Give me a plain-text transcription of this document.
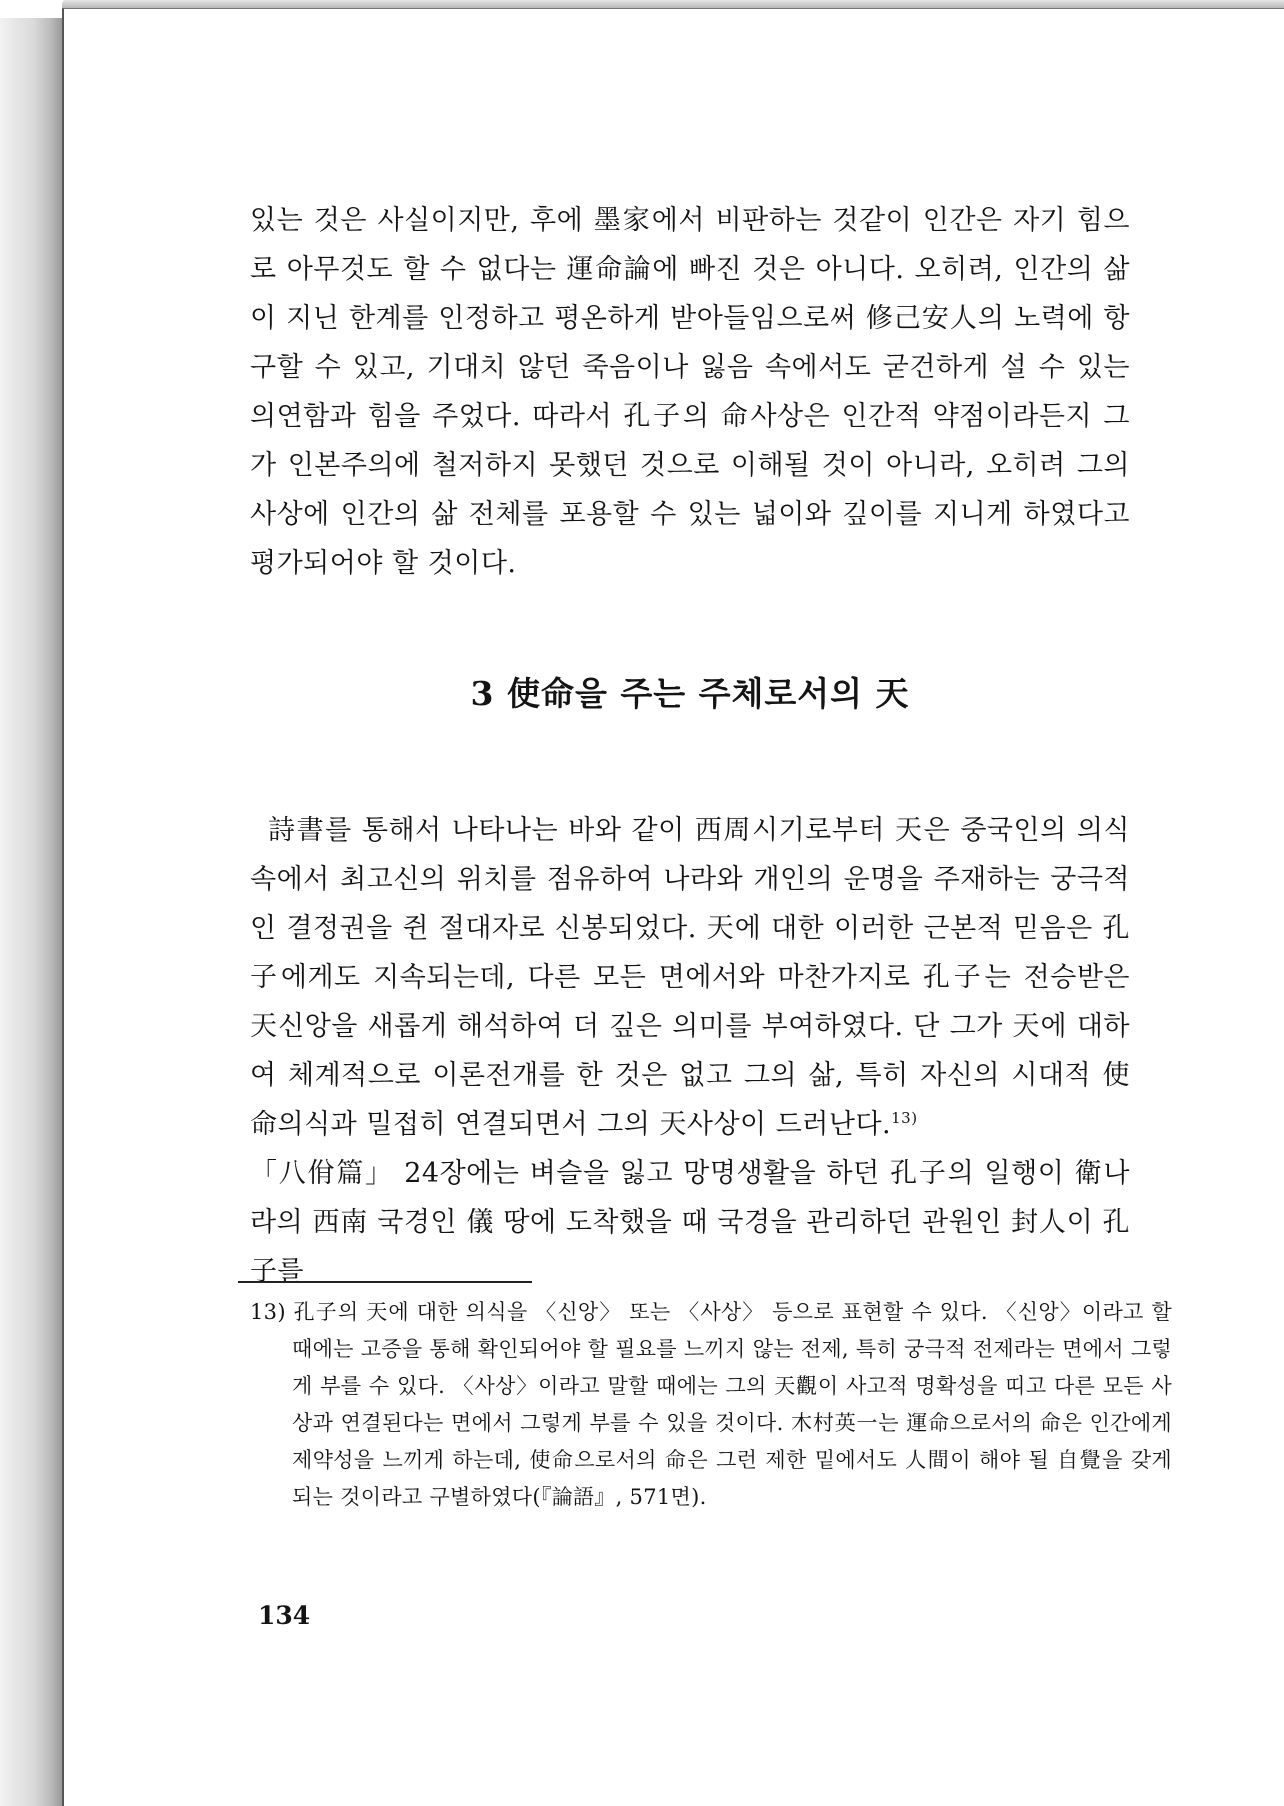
있는 것은 사실이지만, 후에 墨家에서 비판하는 것같이 인간은 자기 힘으로 아무것도 할 수 없다는 運命論에 빠진 것은 아니다. 오히려, 인간의 삶이 지닌 한계를 인정하고 평온하게 받아들임으로써 修己安人의 노력에 항구할 수 있고, 기대치 않던 죽음이나 잃음 속에서도 굳건하게 설 수 있는 의연함과 힘을 주었다. 따라서 孔子의 命사상은 인간적 약점이라든지 그가 인본주의에 철저하지 못했던 것으로 이해될 것이 아니라, 오히려 그의 사상에 인간의 삶 전체를 포용할 수 있는 넓이와 깊이를 지니게 하였다고 평가되어야 할 것이다.

3 使命을 주는 주체로서의 天

詩書를 통해서 나타나는 바와 같이 西周시기로부터 天은 중국인의 의식 속에서 최고신의 위치를 점유하여 나라와 개인의 운명을 주재하는 궁극적인 결정권을 쥔 절대자로 신봉되었다. 天에 대한 이러한 근본적 믿음은 孔子에게도 지속되는데, 다른 모든 면에서와 마찬가지로 孔子는 전승받은 天신앙을 새롭게 해석하여 더 깊은 의미를 부여하였다. 단 그가 天에 대하여 체계적으로 이론전개를 한 것은 없고 그의 삶, 특히 자신의 시대적 使命의식과 밀접히 연결되면서 그의 天사상이 드러난다.$^{13)}$

「八佾篇」 24장에는 벼슬을 잃고 망명생활을 하던 孔子의 일행이 衛나라의 西南 국경인 儀 땅에 도착했을 때 국경을 관리하던 관원인 封人이 孔子를

13) 孔子의 天에 대한 의식을 〈신앙〉 또는 〈사상〉 등으로 표현할 수 있다. 〈신앙〉이라고 할 때에는 고증을 통해 확인되어야 할 필요를 느끼지 않는 전제, 특히 궁극적 전제라는 면에서 그렇게 부를 수 있다. 〈사상〉이라고 말할 때에는 그의 天觀이 사고적 명확성을 띠고 다른 모든 사상과 연결된다는 면에서 그렇게 부를 수 있을 것이다. 木村英一는 運命으로서의 命은 인간에게 제약성을 느끼게 하는데, 使命으로서의 命은 그런 제한 밑에서도 人間이 해야 될 自覺을 갖게 되는 것이라고 구별하였다(『論語』, 571면).

134
